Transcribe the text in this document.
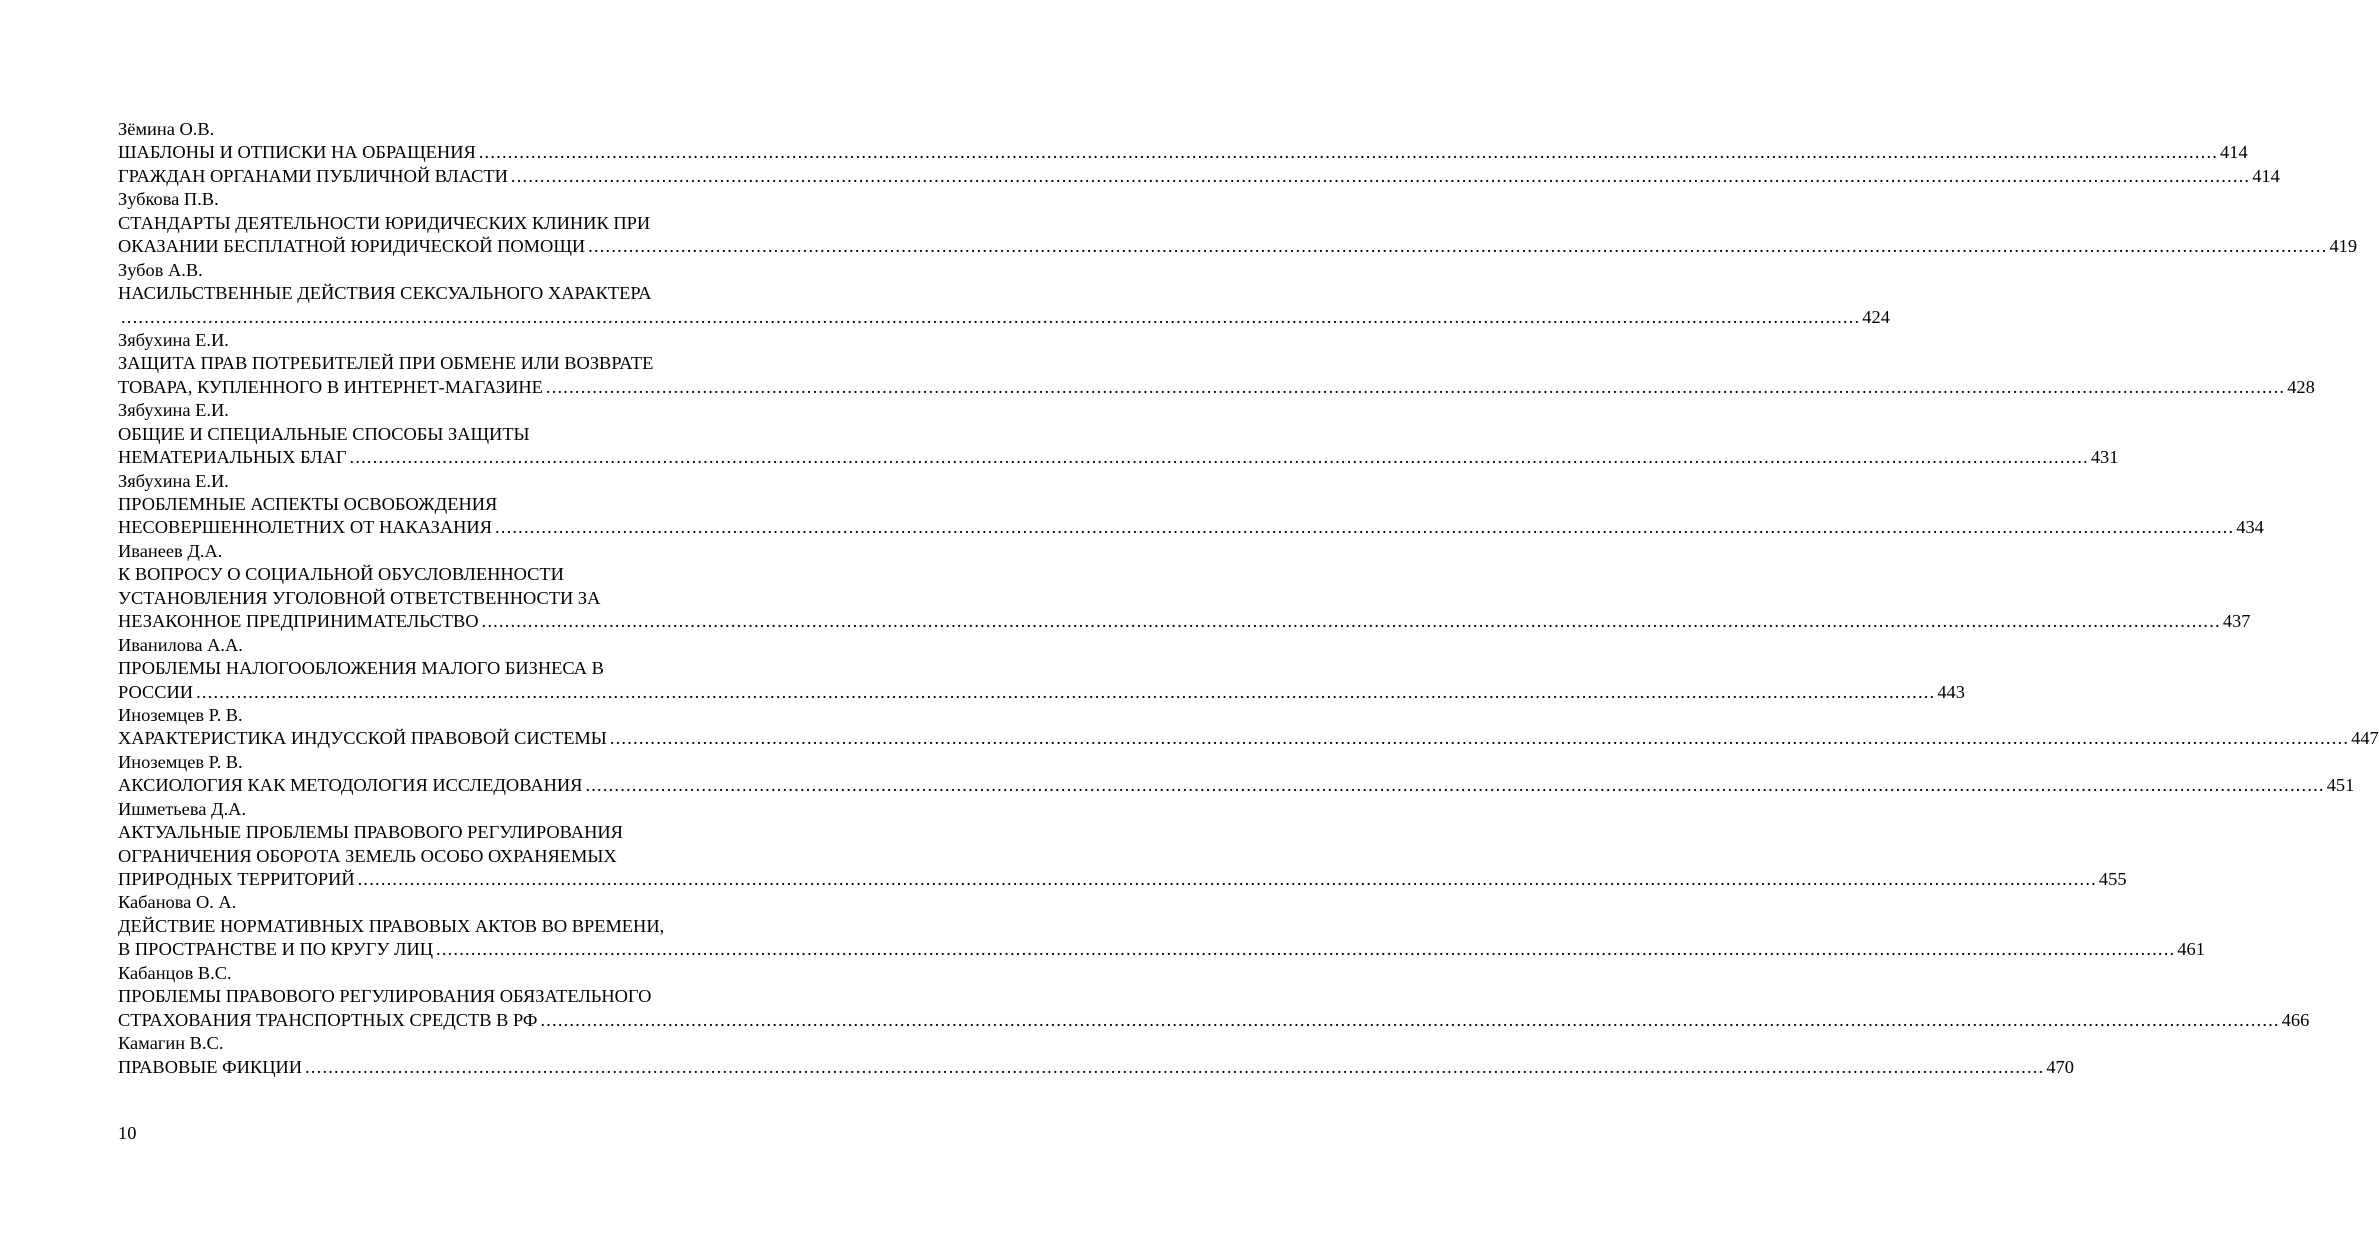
Зёмина О.В.
ШАБЛОНЫ И ОТПИСКИ НА ОБРАЩЕНИЯ ............................................................................................................................................................................................................................................................................................................ 414
ГРАЖДАН ОРГАНАМИ ПУБЛИЧНОЙ ВЛАСТИ ............................................................................................................................................................................................................................................................................................................ 414
Зубкова П.В.
СТАНДАРТЫ ДЕЯТЕЛЬНОСТИ ЮРИДИЧЕСКИХ КЛИНИК ПРИ
ОКАЗАНИИ БЕСПЛАТНОЙ ЮРИДИЧЕСКОЙ ПОМОЩИ ............................................................................................................................................................................................................................................................................................................ 419
Зубов А.В.
НАСИЛЬСТВЕННЫЕ ДЕЙСТВИЯ СЕКСУАЛЬНОГО ХАРАКТЕРА
............................................................................................................................................................................................................................................................................................................ 424
Зябухина Е.И.
ЗАЩИТА ПРАВ ПОТРЕБИТЕЛЕЙ ПРИ ОБМЕНЕ ИЛИ ВОЗВРАТЕ
ТОВАРА, КУПЛЕННОГО В ИНТЕРНЕТ-МАГАЗИНЕ ............................................................................................................................................................................................................................................................................................................ 428
Зябухина Е.И.
ОБЩИЕ И СПЕЦИАЛЬНЫЕ СПОСОБЫ ЗАЩИТЫ
НЕМАТЕРИАЛЬНЫХ БЛАГ ............................................................................................................................................................................................................................................................................................................ 431
Зябухина Е.И.
ПРОБЛЕМНЫЕ АСПЕКТЫ ОСВОБОЖДЕНИЯ
НЕСОВЕРШЕННОЛЕТНИХ ОТ НАКАЗАНИЯ ............................................................................................................................................................................................................................................................................................................ 434
Иванеев Д.А.
К ВОПРОСУ О СОЦИАЛЬНОЙ ОБУСЛОВЛЕННОСТИ
УСТАНОВЛЕНИЯ УГОЛОВНОЙ ОТВЕТСТВЕННОСТИ ЗА
НЕЗАКОННОЕ ПРЕДПРИНИМАТЕЛЬСТВО ............................................................................................................................................................................................................................................................................................................ 437
Иванилова А.А.
ПРОБЛЕМЫ НАЛОГООБЛОЖЕНИЯ МАЛОГО БИЗНЕСА В
РОССИИ ............................................................................................................................................................................................................................................................................................................ 443
Иноземцев Р. В.
ХАРАКТЕРИСТИКА ИНДУССКОЙ ПРАВОВОЙ СИСТЕМЫ ............................................................................................................................................................................................................................................................................................................ 447
Иноземцев Р. В.
АКСИОЛОГИЯ КАК МЕТОДОЛОГИЯ ИССЛЕДОВАНИЯ ............................................................................................................................................................................................................................................................................................................ 451
Ишметьева Д.А.
АКТУАЛЬНЫЕ ПРОБЛЕМЫ ПРАВОВОГО РЕГУЛИРОВАНИЯ
ОГРАНИЧЕНИЯ ОБОРОТА ЗЕМЕЛЬ ОСОБО ОХРАНЯЕМЫХ
ПРИРОДНЫХ ТЕРРИТОРИЙ ............................................................................................................................................................................................................................................................................................................ 455
Кабанова О. А.
ДЕЙСТВИЕ НОРМАТИВНЫХ ПРАВОВЫХ АКТОВ ВО ВРЕМЕНИ,
В ПРОСТРАНСТВЕ И ПО КРУГУ ЛИЦ ............................................................................................................................................................................................................................................................................................................ 461
Кабанцов В.С.
ПРОБЛЕМЫ ПРАВОВОГО РЕГУЛИРОВАНИЯ ОБЯЗАТЕЛЬНОГО
СТРАХОВАНИЯ ТРАНСПОРТНЫХ СРЕДСТВ В РФ ............................................................................................................................................................................................................................................................................................................ 466
Камагин В.С.
ПРАВОВЫЕ ФИКЦИИ ............................................................................................................................................................................................................................................................................................................ 470
10
